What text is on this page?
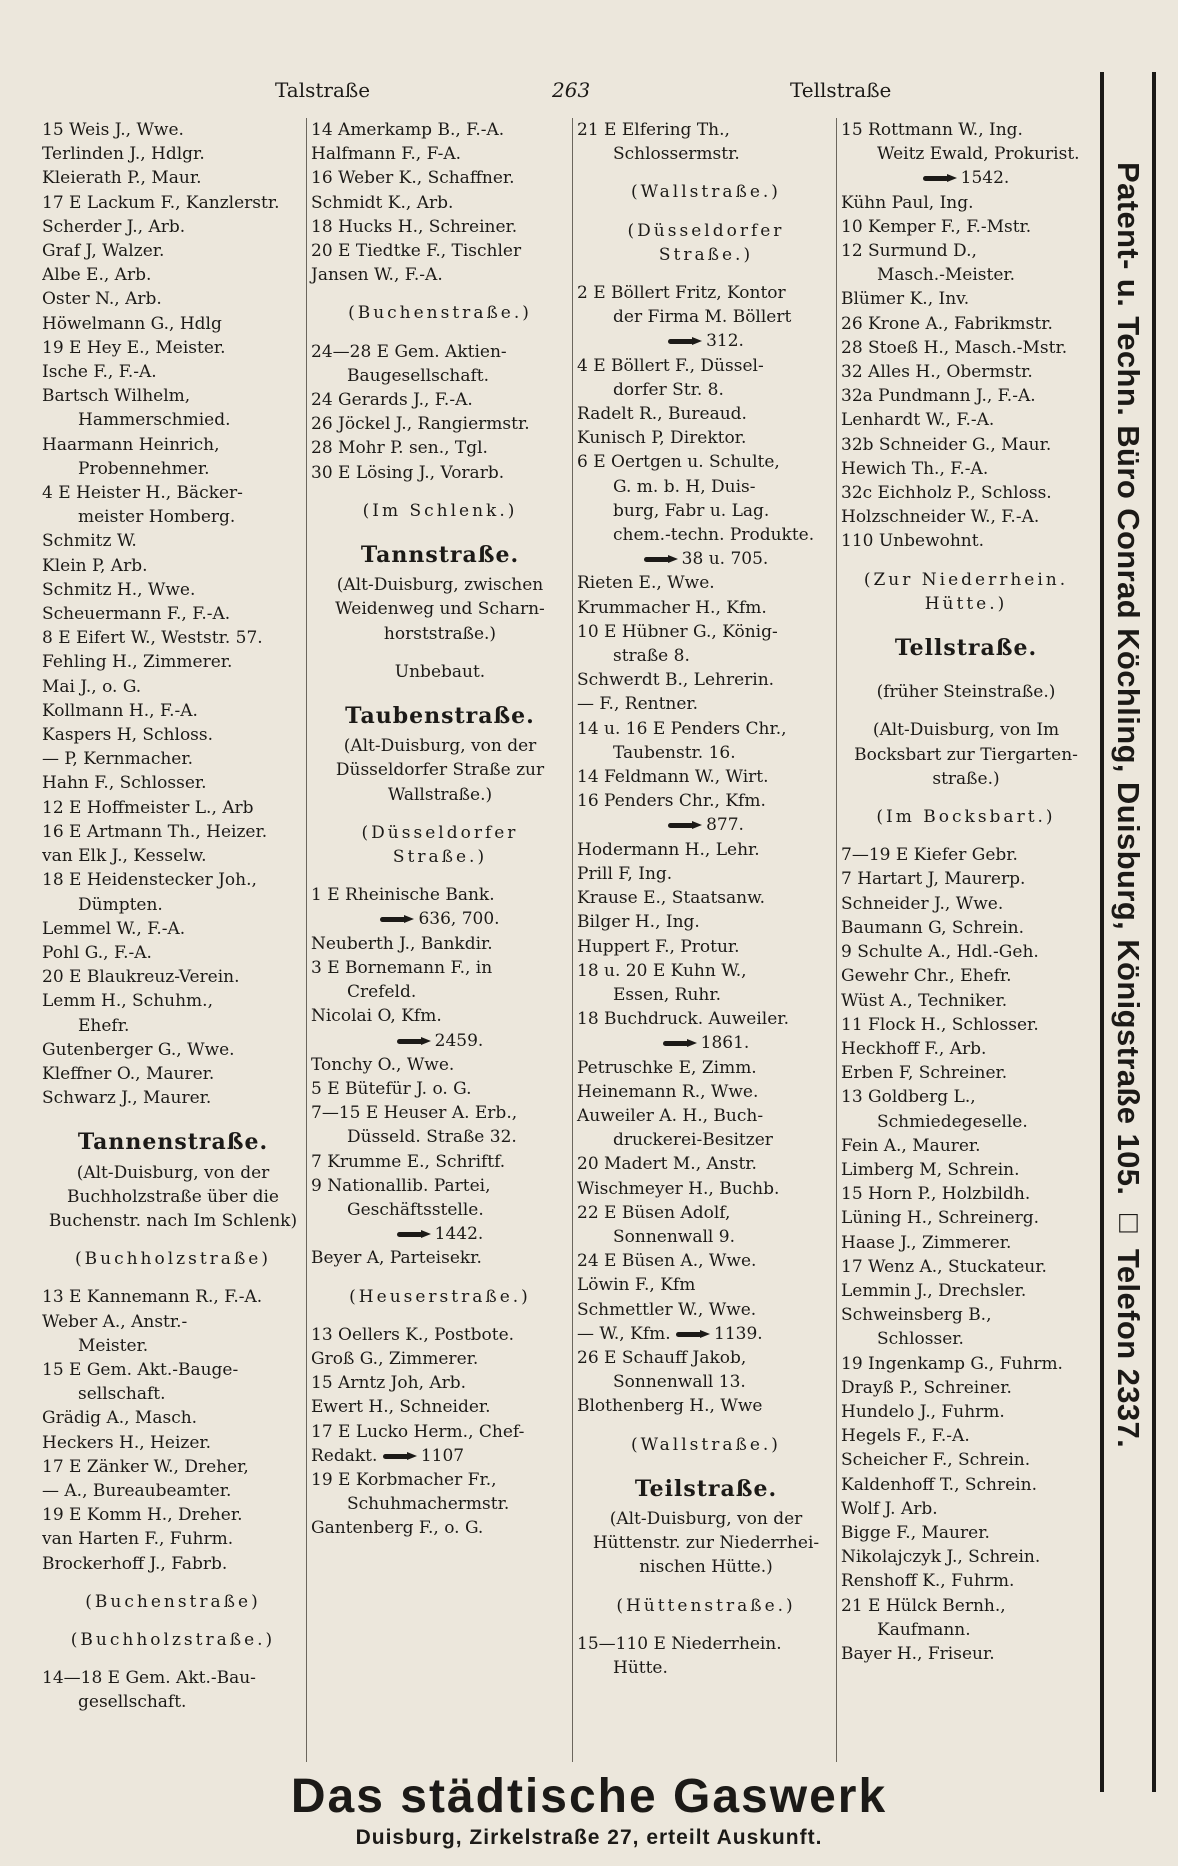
Talstraße	263	Tellstraße
15 Weis J., Wwe.
Terlinden J., Hdlgr.
Kleierath P., Maur.
17 E Lackum F., Kanzlerstr.
Scherder J., Arb.
Graf J, Walzer.
Albe E., Arb.
Oster N., Arb.
Höwelmann G., Hdlg
19 E Hey E., Meister.
Ische F., F.-A.
Bartsch Wilhelm,
Hammerschmied.
Haarmann Heinrich,
Probennehmer.
4 E Heister H., Bäcker-
meister Homberg.
Schmitz W.
Klein P, Arb.
Schmitz H., Wwe.
Scheuermann F., F.-A.
8 E Eifert W., Weststr. 57.
Fehling H., Zimmerer.
Mai J., o. G.
Kollmann H., F.-A.
Kaspers H, Schloss.
— P, Kernmacher.
Hahn F., Schlosser.
12 E Hoffmeister L., Arb
16 E Artmann Th., Heizer.
van Elk J., Kesselw.
18 E Heidenstecker Joh.,
Dümpten.
Lemmel W., F.-A.
Pohl G., F.-A.
20 E Blaukreuz-Verein.
Lemm H., Schuhm.,
Ehefr.
Gutenberger G., Wwe.
Kleffner O., Maurer.
Schwarz J., Maurer.
Tannenstraße.
(Alt-Duisburg, von der
Buchholzstraße über die
Buchenstr. nach Im Schlenk)
(Buchholzstraße)
13 E Kannemann R., F.-A.
Weber A., Anstr.-
Meister.
15 E Gem. Akt.-Bauge-
sellschaft.
Grädig A., Masch.
Heckers H., Heizer.
17 E Zänker W., Dreher,
— A., Bureaubeamter.
19 E Komm H., Dreher.
van Harten F., Fuhrm.
Brockerhoff J., Fabrb.
(Buchenstraße)
(Buchholzstraße.)
14—18 E Gem. Akt.-Bau-
gesellschaft.
14 Amerkamp B., F.-A.
Halfmann F., F-A.
16 Weber K., Schaffner.
Schmidt K., Arb.
18 Hucks H., Schreiner.
20 E Tiedtke F., Tischler
Jansen W., F.-A.
(Buchenstraße.)
24—28 E Gem. Aktien-
Baugesellschaft.
24 Gerards J., F.-A.
26 Jöckel J., Rangiermstr.
28 Mohr P. sen., Tgl.
30 E Lösing J., Vorarb.
(Im Schlenk.)
Tannstraße.
(Alt-Duisburg, zwischen
Weidenweg und Scharn-
horststraße.)
Unbebaut.
Taubenstraße.
(Alt-Duisburg, von der
Düsseldorfer Straße zur
Wallstraße.)
(Düsseldorfer
Straße.)
1 E Rheinische Bank.
636, 700.
Neuberth J., Bankdir.
3 E Bornemann F., in
Crefeld.
Nicolai O, Kfm.
2459.
Tonchy O., Wwe.
5 E Bütefür J. o. G.
7—15 E Heuser A. Erb.,
Düsseld. Straße 32.
7 Krumme E., Schriftf.
9 Nationallib. Partei,
Geschäftsstelle.
1442.
Beyer A, Parteisekr.
(Heuserstraße.)
13 Oellers K., Postbote.
Groß G., Zimmerer.
15 Arntz Joh, Arb.
Ewert H., Schneider.
17 E Lucko Herm., Chef-
Redakt. 1107
19 E Korbmacher Fr.,
Schuhmachermstr.
Gantenberg F., o. G.
21 E Elfering Th.,
Schlossermstr.
(Wallstraße.)
(Düsseldorfer
Straße.)
2 E Böllert Fritz, Kontor
der Firma M. Böllert
312.
4 E Böllert F., Düssel-
dorfer Str. 8.
Radelt R., Bureaud.
Kunisch P, Direktor.
6 E Oertgen u. Schulte,
G. m. b. H, Duis-
burg, Fabr u. Lag.
chem.-techn. Produkte.
38 u. 705.
Rieten E., Wwe.
Krummacher H., Kfm.
10 E Hübner G., König-
straße 8.
Schwerdt B., Lehrerin.
— F., Rentner.
14 u. 16 E Penders Chr.,
Taubenstr. 16.
14 Feldmann W., Wirt.
16 Penders Chr., Kfm.
877.
Hodermann H., Lehr.
Prill F, Ing.
Krause E., Staatsanw.
Bilger H., Ing.
Huppert F., Protur.
18 u. 20 E Kuhn W.,
Essen, Ruhr.
18 Buchdruck. Auweiler.
1861.
Petruschke E, Zimm.
Heinemann R., Wwe.
Auweiler A. H., Buch-
druckerei-Besitzer
20 Madert M., Anstr.
Wischmeyer H., Buchb.
22 E Büsen Adolf,
Sonnenwall 9.
24 E Büsen A., Wwe.
Löwin F., Kfm
Schmettler W., Wwe.
— W., Kfm. 1139.
26 E Schauff Jakob,
Sonnenwall 13.
Blothenberg H., Wwe
(Wallstraße.)
Teilstraße.
(Alt-Duisburg, von der
Hüttenstr. zur Niederrhei-
nischen Hütte.)
(Hüttenstraße.)
15—110 E Niederrhein.
Hütte.
15 Rottmann W., Ing.
Weitz Ewald, Prokurist.
1542.
Kühn Paul, Ing.
10 Kemper F., F.-Mstr.
12 Surmund D.,
Masch.-Meister.
Blümer K., Inv.
26 Krone A., Fabrikmstr.
28 Stoeß H., Masch.-Mstr.
32 Alles H., Obermstr.
32a Pundmann J., F.-A.
Lenhardt W., F.-A.
32b Schneider G., Maur.
Hewich Th., F.-A.
32c Eichholz P., Schloss.
Holzschneider W., F.-A.
110 Unbewohnt.
(Zur Niederrhein.
Hütte.)
Tellstraße.
(früher Steinstraße.)
(Alt-Duisburg, von Im
Bocksbart zur Tiergarten-
straße.)
(Im Bocksbart.)
7—19 E Kiefer Gebr.
7 Hartart J, Maurerp.
Schneider J., Wwe.
Baumann G, Schrein.
9 Schulte A., Hdl.-Geh.
Gewehr Chr., Ehefr.
Wüst A., Techniker.
11 Flock H., Schlosser.
Heckhoff F., Arb.
Erben F, Schreiner.
13 Goldberg L.,
Schmiedegeselle.
Fein A., Maurer.
Limberg M, Schrein.
15 Horn P., Holzbildh.
Lüning H., Schreinerg.
Haase J., Zimmerer.
17 Wenz A., Stuckateur.
Lemmin J., Drechsler.
Schweinsberg B.,
Schlosser.
19 Ingenkamp G., Fuhrm.
Drayß P., Schreiner.
Hundelo J., Fuhrm.
Hegels F., F.-A.
Scheicher F., Schrein.
Kaldenhoff T., Schrein.
Wolf J. Arb.
Bigge F., Maurer.
Nikolajczyk J., Schrein.
Renshoff K., Fuhrm.
21 E Hülck Bernh.,
Kaufmann.
Bayer H., Friseur.
Patent- u. Techn. Büro Conrad Köchling, Duisburg, Königstraße 105. □ Telefon 2337.
Das städtische Gaswerk
Duisburg, Zirkelstraße 27, erteilt Auskunft.
